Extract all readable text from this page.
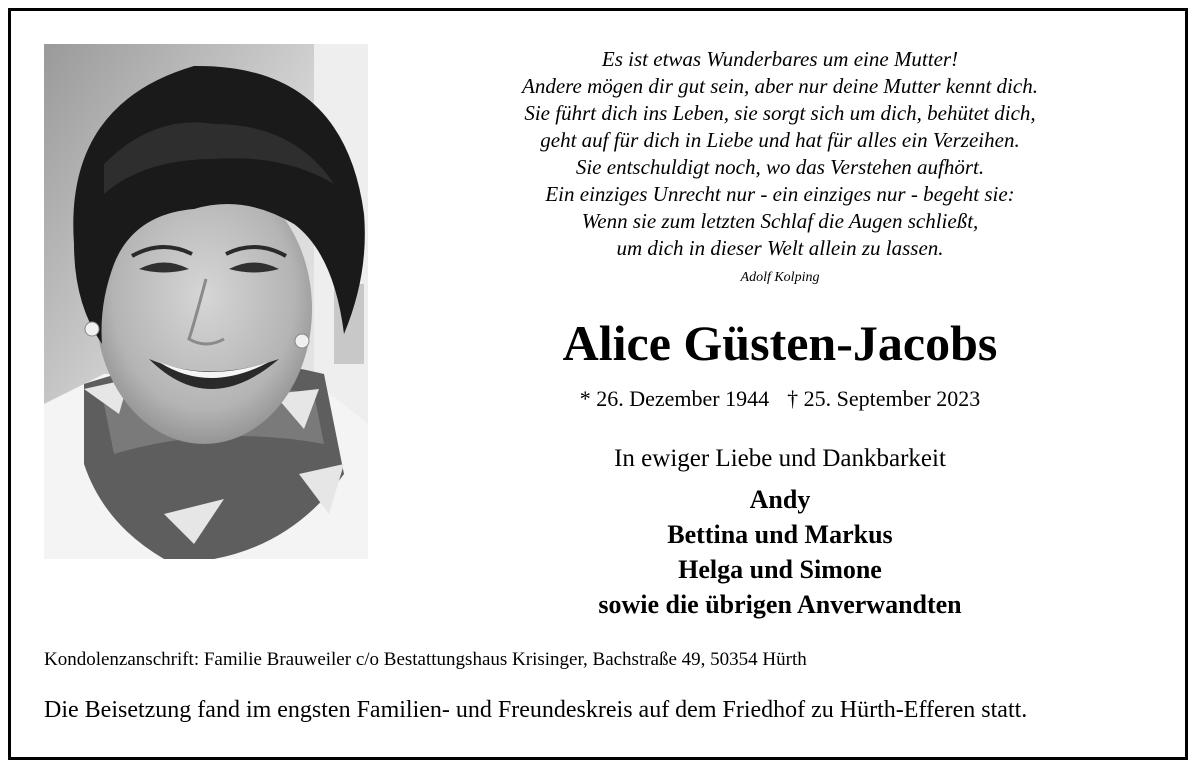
Es ist etwas Wunderbares um eine Mutter!
Andere mögen dir gut sein, aber nur deine Mutter kennt dich.
Sie führt dich ins Leben, sie sorgt sich um dich, behütet dich,
geht auf für dich in Liebe und hat für alles ein Verzeihen.
Sie entschuldigt noch, wo das Verstehen aufhört.
Ein einziges Unrecht nur - ein einziges nur - begeht sie:
Wenn sie zum letzten Schlaf die Augen schließt,
um dich in dieser Welt allein zu lassen.
Adolf Kolping
Alice Güsten-Jacobs
* 26. Dezember 1944 † 25. September 2023
In ewiger Liebe und Dankbarkeit
Andy
Bettina und Markus
Helga und Simone
sowie die übrigen Anverwandten
Kondolenzanschrift: Familie Brauweiler c/o Bestattungshaus Krisinger, Bachstraße 49, 50354 Hürth
Die Beisetzung fand im engsten Familien- und Freundeskreis auf dem Friedhof zu Hürth-Efferen statt.
